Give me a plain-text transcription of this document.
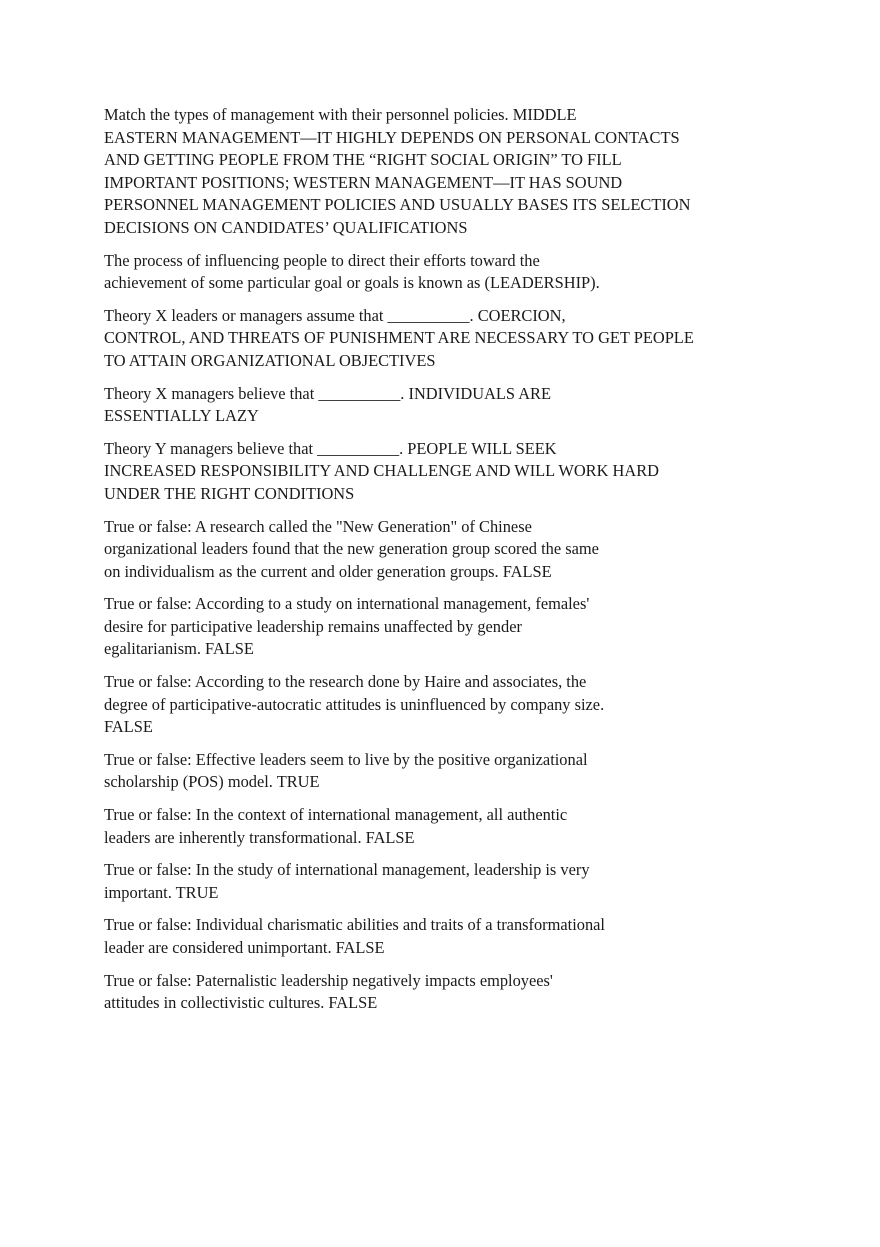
Match the types of management with their personnel policies. MIDDLE
EASTERN MANAGEMENT—IT HIGHLY DEPENDS ON PERSONAL CONTACTS
AND GETTING PEOPLE FROM THE “RIGHT SOCIAL ORIGIN” TO FILL
IMPORTANT POSITIONS; WESTERN MANAGEMENT—IT HAS SOUND
PERSONNEL MANAGEMENT POLICIES AND USUALLY BASES ITS SELECTION
DECISIONS ON CANDIDATES’ QUALIFICATIONS

The process of influencing people to direct their efforts toward the
achievement of some particular goal or goals is known as (LEADERSHIP).

Theory X leaders or managers assume that __________. COERCION,
CONTROL, AND THREATS OF PUNISHMENT ARE NECESSARY TO GET PEOPLE
TO ATTAIN ORGANIZATIONAL OBJECTIVES

Theory X managers believe that __________. INDIVIDUALS ARE
ESSENTIALLY LAZY

Theory Y managers believe that __________. PEOPLE WILL SEEK
INCREASED RESPONSIBILITY AND CHALLENGE AND WILL WORK HARD
UNDER THE RIGHT CONDITIONS

True or false: A research called the "New Generation" of Chinese
organizational leaders found that the new generation group scored the same
on individualism as the current and older generation groups. FALSE

True or false: According to a study on international management, females'
desire for participative leadership remains unaffected by gender
egalitarianism. FALSE

True or false: According to the research done by Haire and associates, the
degree of participative-autocratic attitudes is uninfluenced by company size.
FALSE

True or false: Effective leaders seem to live by the positive organizational
scholarship (POS) model. TRUE

True or false: In the context of international management, all authentic
leaders are inherently transformational. FALSE

True or false: In the study of international management, leadership is very
important. TRUE

True or false: Individual charismatic abilities and traits of a transformational
leader are considered unimportant. FALSE

True or false: Paternalistic leadership negatively impacts employees'
attitudes in collectivistic cultures. FALSE
